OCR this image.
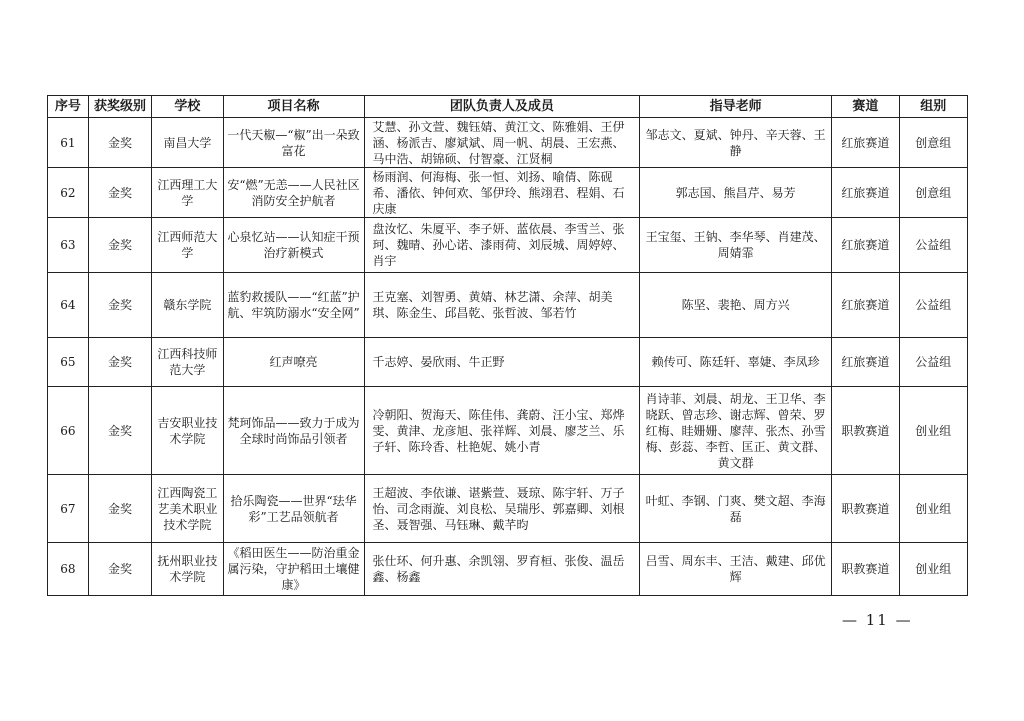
序号	获奖级别	学校	项目名称	团队负责人及成员	指导老师	赛道	组别
61	金奖	南昌大学	一代天椒—“椒”出一朵致富花	艾慧、孙文萱、魏钰婧、黄江文、陈雅娟、王伊涵、杨派吉、廖斌斌、周一帆、胡晨、王宏燕、马中浩、胡锦硕、付智豪、江贤桐	邹志文、夏斌、钟丹、辛天蓉、王静	红旅赛道	创意组
62	金奖	江西理工大学	安“燃”无恙——人民社区消防安全护航者	杨雨润、何海梅、张一恒、刘扬、喻倩、陈砚希、潘依、钟何欢、邹伊玲、熊翊君、程娟、石庆康	郭志国、熊昌芹、易芳	红旅赛道	创意组
63	金奖	江西师范大学	心泉忆站——认知症干预治疗新模式	盘汝忆、朱厦平、李子妍、蓝依晨、李雪兰、张珂、魏晴、孙心诺、漆雨荷、刘辰城、周婷婷、肖宇	王宝玺、王钠、李华琴、肖建茂、周婧霏	红旅赛道	公益组
64	金奖	赣东学院	蓝豹救援队——“红蓝”护航、牢筑防溺水“安全网”	王克塞、刘智勇、黄婧、林艺潇、余萍、胡美琪、陈金生、邱昌乾、张哲波、邹若竹	陈坚、裴艳、周方兴	红旅赛道	公益组
65	金奖	江西科技师范大学	红声嘹亮	千志婷、晏欣雨、牛正野	赖传可、陈廷轩、辜婕、李凤珍	红旅赛道	公益组
66	金奖	吉安职业技术学院	梵珂饰品——致力于成为全球时尚饰品引领者	冷朝阳、贺海天、陈佳伟、龚蔚、汪小宝、郑烨雯、黄津、龙彦旭、张祥辉、刘晨、廖芝兰、乐子轩、陈玲香、杜艳妮、姚小青	肖诗菲、刘晨、胡龙、王卫华、李晓跃、曾志珍、谢志辉、曾荣、罗红梅、眭姗姗、廖萍、张杰、孙雪梅、彭蕊、李哲、匡正、黄文群、黄文群	职教赛道	创业组
67	金奖	江西陶瓷工艺美术职业技术学院	拾乐陶瓷——世界“珐华彩”工艺品领航者	王超波、李依谦、谌紫萱、聂琼、陈宇轩、万子怡、司念雨漩、刘良松、吴瑞彤、郭嘉卿、刘根圣、聂智强、马钰琳、戴芊昀	叶虹、李钢、门爽、樊文超、李海磊	职教赛道	创业组
68	金奖	抚州职业技术学院	《稻田医生——防治重金属污染，守护稻田土壤健康》	张仕环、何升惠、余凯翎、罗育桓、张俊、温岳鑫、杨鑫	吕雪、周东丰、王洁、戴建、邱优辉	职教赛道	创业组
— 11 —
